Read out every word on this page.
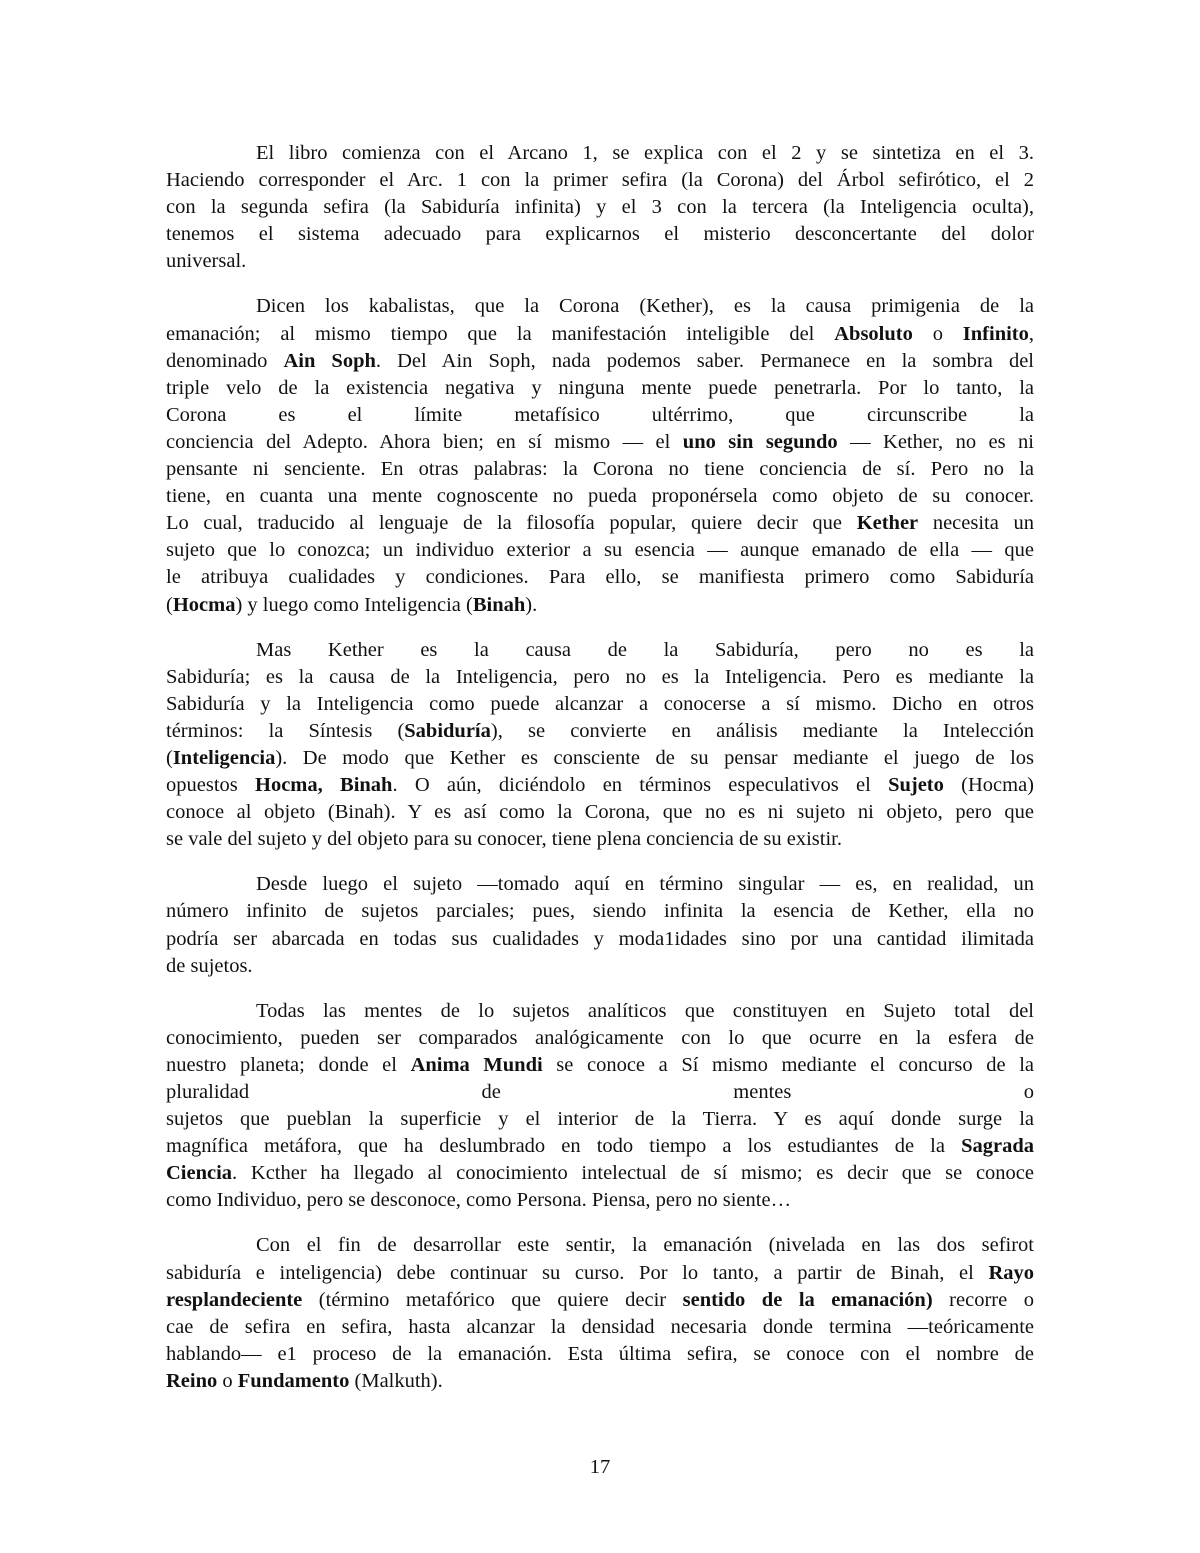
El libro comienza con el Arcano 1, se explica con el 2 y se sintetiza en el 3.
Haciendo corresponder el Arc. 1 con la primer sefira (la Corona) del Árbol sefirótico, el 2
con la segunda sefira (la Sabiduría infinita) y el 3 con la tercera (la Inteligencia oculta),
tenemos el sistema adecuado para explicarnos el misterio desconcertante del dolor
universal.
Dicen los kabalistas, que la Corona (Kether), es la causa primigenia de la
emanación; al mismo tiempo que la manifestación inteligible del Absoluto o Infinito,
denominado Ain Soph. Del Ain Soph, nada podemos saber. Permanece en la sombra del
triple velo de la existencia negativa y ninguna mente puede penetrarla. Por lo tanto, la
Corona es el límite metafísico ultérrimo, que circunscribe la
conciencia del Adepto. Ahora bien; en sí mismo — el uno sin segundo — Kether, no es ni
pensante ni senciente. En otras palabras: la Corona no tiene conciencia de sí. Pero no la
tiene, en cuanta una mente cognoscente no pueda proponérsela como objeto de su conocer.
Lo cual, traducido al lenguaje de la filosofía popular, quiere decir que Kether necesita un
sujeto que lo conozca; un individuo exterior a su esencia — aunque emanado de ella — que
le atribuya cualidades y condiciones. Para ello, se manifiesta primero como Sabiduría
(Hocma) y luego como Inteligencia (Binah).
Mas Kether es la causa de la Sabiduría, pero no es la
Sabiduría; es la causa de la Inteligencia, pero no es la Inteligencia. Pero es mediante la
Sabiduría y la Inteligencia como puede alcanzar a conocerse a sí mismo. Dicho en otros
términos: la Síntesis (Sabiduría), se convierte en análisis mediante la Intelección
(Inteligencia). De modo que Kether es consciente de su pensar mediante el juego de los
opuestos Hocma, Binah. O aún, diciéndolo en términos especulativos el Sujeto (Hocma)
conoce al objeto (Binah). Y es así como la Corona, que no es ni sujeto ni objeto, pero que
se vale del sujeto y del objeto para su conocer, tiene plena conciencia de su existir.
Desde luego el sujeto —tomado aquí en término singular — es, en realidad, un
número infinito de sujetos parciales; pues, siendo infinita la esencia de Kether, ella no
podría ser abarcada en todas sus cualidades y moda1idades sino por una cantidad ilimitada
de sujetos.
Todas las mentes de lo sujetos analíticos que constituyen en Sujeto total del
conocimiento, pueden ser comparados analógicamente con lo que ocurre en la esfera de
nuestro planeta; donde el Anima Mundi se conoce a Sí mismo mediante el concurso de la
pluralidad de mentes o
sujetos que pueblan la superficie y el interior de la Tierra. Y es aquí donde surge la
magnífica metáfora, que ha deslumbrado en todo tiempo a los estudiantes de la Sagrada
Ciencia. Kcther ha llegado al conocimiento intelectual de sí mismo; es decir que se conoce
como Individuo, pero se desconoce, como Persona. Piensa, pero no siente…
Con el fin de desarrollar este sentir, la emanación (nivelada en las dos sefirot
sabiduría e inteligencia) debe continuar su curso. Por lo tanto, a partir de Binah, el Rayo
resplandeciente (término metafórico que quiere decir sentido de la emanación) recorre o
cae de sefira en sefira, hasta alcanzar la densidad necesaria donde termina —teóricamente
hablando— e1 proceso de la emanación. Esta última sefira, se conoce con el nombre de
Reino o Fundamento (Malkuth).
17
